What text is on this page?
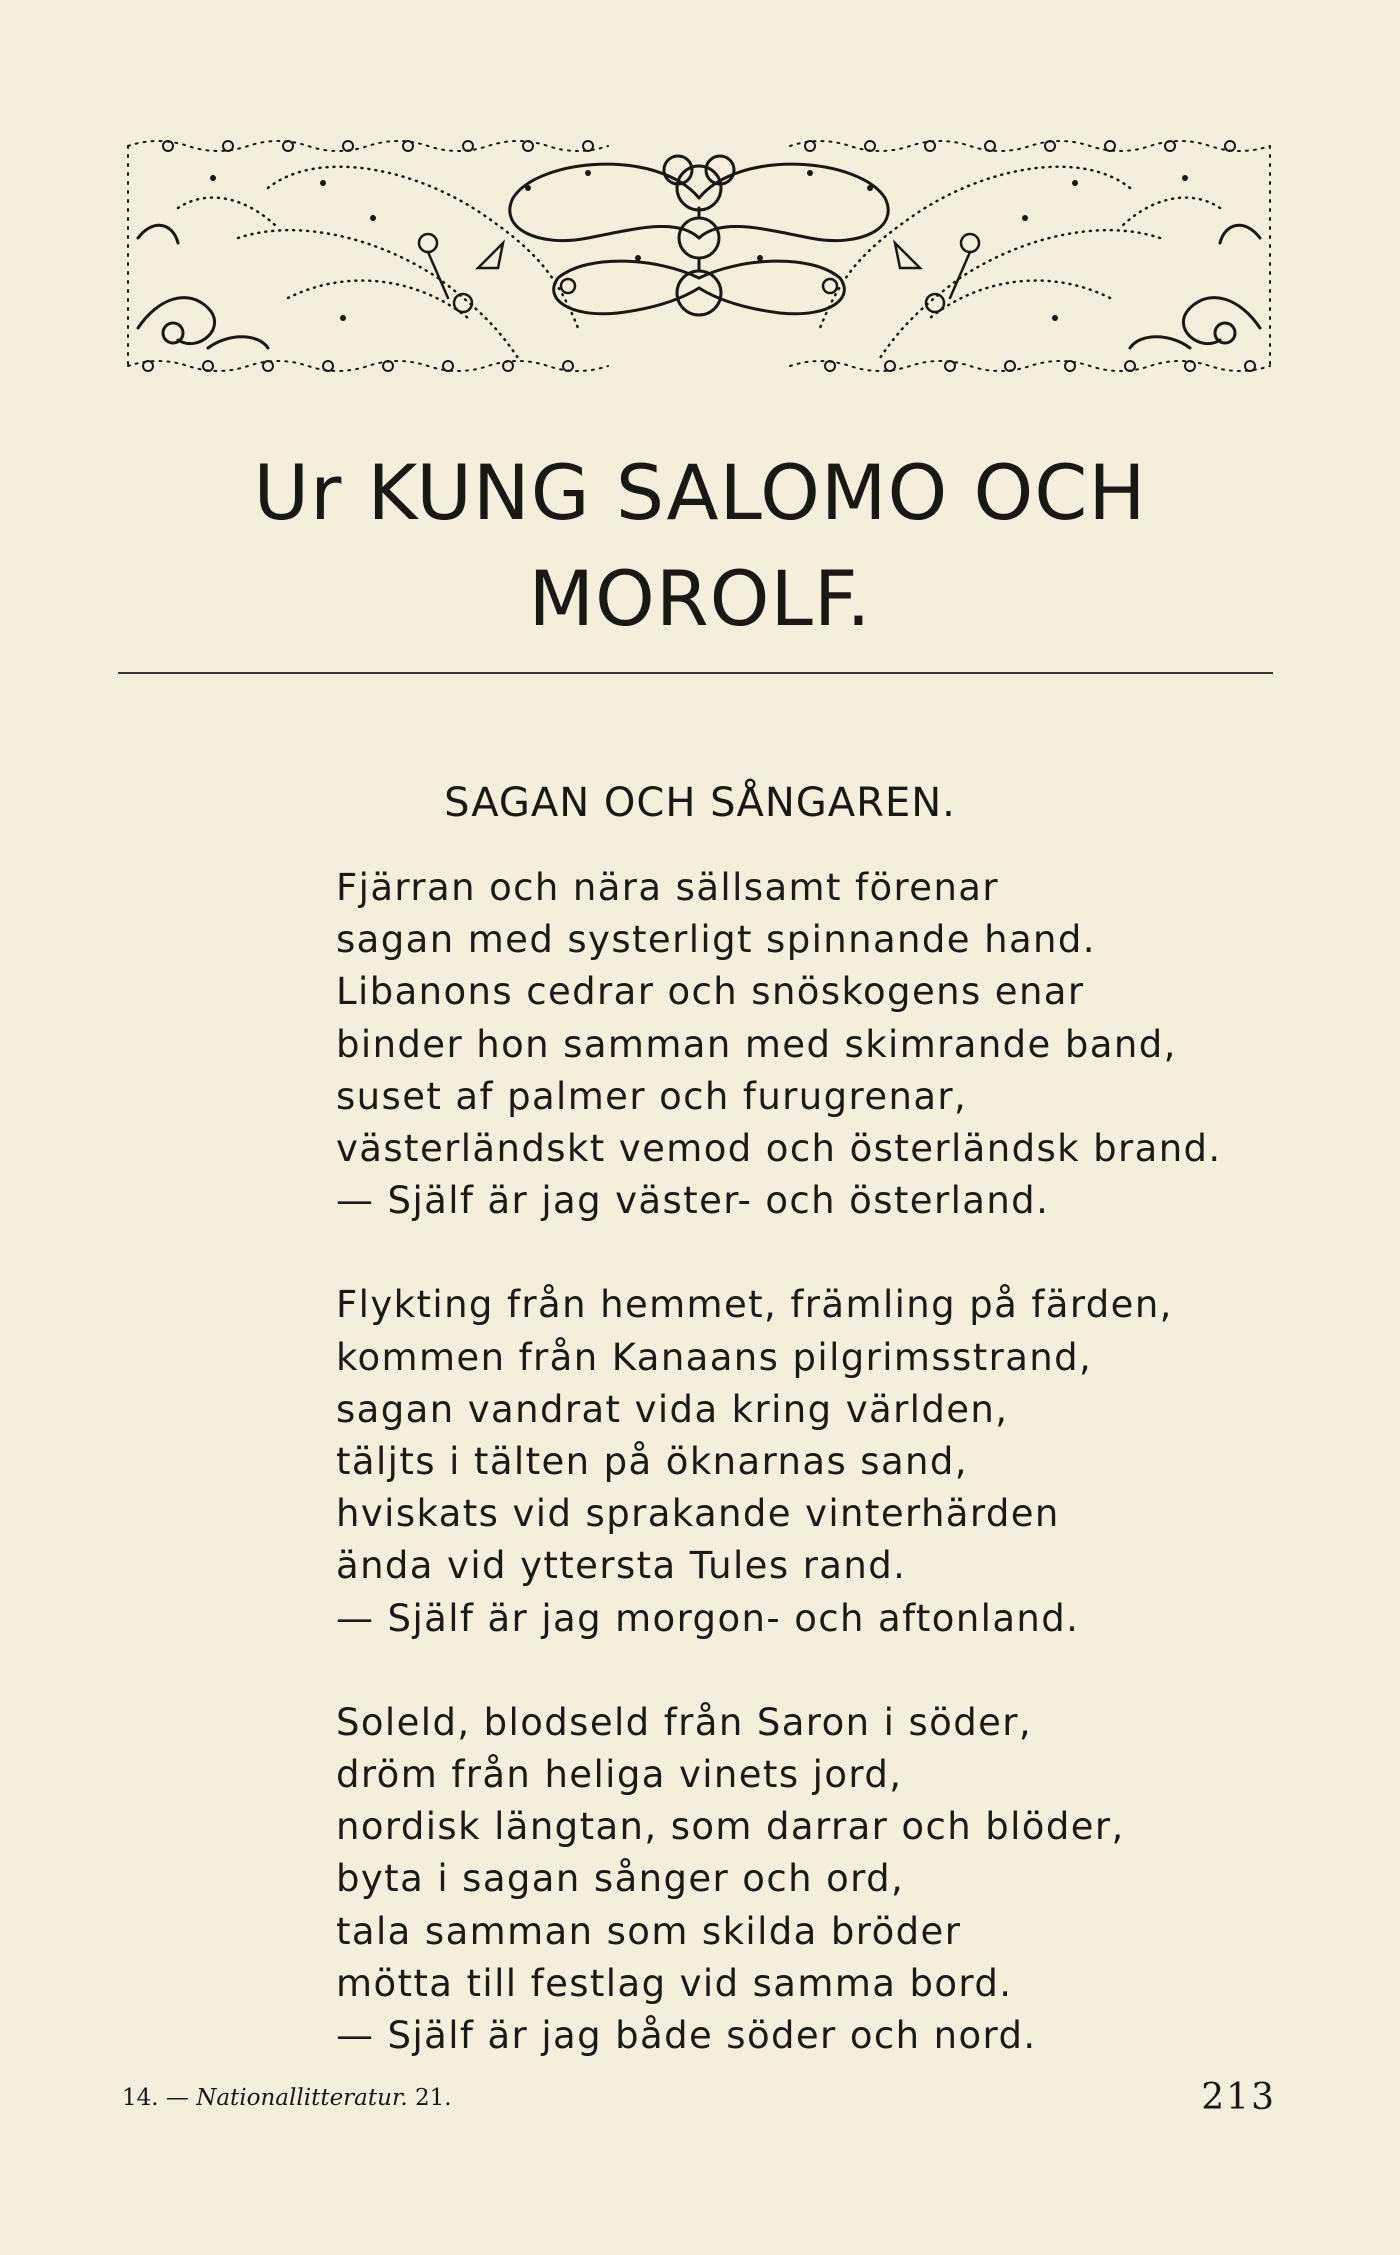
Ur KUNG SALOMO OCH
MOROLF.
SAGAN OCH SÅNGAREN.
Fjärran och nära sällsamt förenar
sagan med systerligt spinnande hand.
Libanons cedrar och snöskogens enar
binder hon samman med skimrande band,
suset af palmer och furugrenar,
västerländskt vemod och österländsk brand.
— Själf är jag väster- och österland.
Flykting från hemmet, främling på färden,
kommen från Kanaans pilgrimsstrand,
sagan vandrat vida kring världen,
täljts i tälten på öknarnas sand,
hviskats vid sprakande vinterhärden
ända vid yttersta Tules rand.
— Själf är jag morgon- och aftonland.
Soleld, blodseld från Saron i söder,
dröm från heliga vinets jord,
nordisk längtan, som darrar och blöder,
byta i sagan sånger och ord,
tala samman som skilda bröder
mötta till festlag vid samma bord.
— Själf är jag både söder och nord.
14. — Nationallitteratur. 21.	213
